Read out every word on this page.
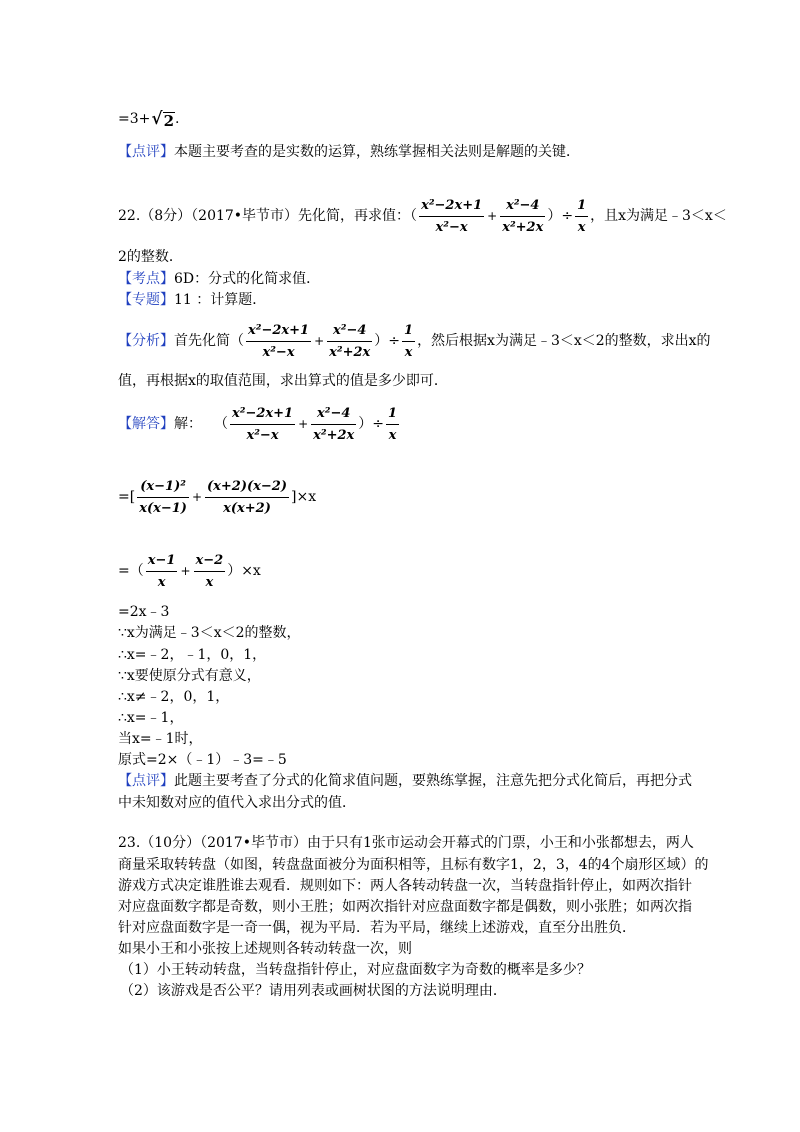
=3+ √ 2 .
【点评】 本题主要考查的是实数的运算，熟练掌握相关法则是解题的关键．
22.（8分）（2017•毕节市）先化简，再求值：（ $\frac{\text{x²−2x+1}}{\text{x²−x}} + \frac{\text{x²−4}}{\text{x²+2x}}$ ）÷ $\frac{1}{x}$ ，且x为满足﹣3＜x＜
2的整数．
【考点】 6D：分式的化简求值．
【专题】 11 ：计算题．
【分析】 首先化简（ $\frac{\text{x²−2x+1}}{\text{x²−x}} + \frac{\text{x²−4}}{\text{x²+2x}}$ ）÷ $\frac{1}{x}$ ，然后根据x为满足﹣3＜x＜2的整数，求出x的
值，再根据x的取值范围，求出算式的值是多少即可．
【解答】 解： （ $\frac{\text{x²−2x+1}}{\text{x²−x}} + \frac{\text{x²−4}}{\text{x²+2x}}$ ）÷ $\frac{1}{x}$
=[ $\frac{\text{(x−1)²}}{x(x-1)} + \frac{(x+2)(x-2)}{x(x+2)} ]\times x$
=（ $\frac{x-1}{x} + \frac{x-2}{x} )\times x$
=2x﹣3
∵x为满足﹣3＜x＜2的整数，
∴x=﹣2，﹣1，0，1，
∵x要使原分式有意义，
∴x≠﹣2，0，1，
∴x=﹣1，
当x=﹣1时，
原式=2×（﹣1）﹣3=﹣5
【点评】 此题主要考查了分式的化简求值问题，要熟练掌握，注意先把分式化简后，再把分式
中未知数对应的值代入求出分式的值．
23.（10分）（2017•毕节市）由于只有1张市运动会开幕式的门票，小王和小张都想去，两人
商量采取转转盘（如图，转盘盘面被分为面积相等，且标有数字1，2，3，4的4个扇形区域）的
游戏方式决定谁胜谁去观看．规则如下：两人各转动转盘一次，当转盘指针停止，如两次指针
对应盘面数字都是奇数，则小王胜；如两次指针对应盘面数字都是偶数，则小张胜；如两次指
针对应盘面数字是一奇一偶，视为平局．若为平局，继续上述游戏，直至分出胜负．
如果小王和小张按上述规则各转动转盘一次，则
（1）小王转动转盘，当转盘指针停止，对应盘面数字为奇数的概率是多少？
（2）该游戏是否公平？请用列表或画树状图的方法说明理由．
